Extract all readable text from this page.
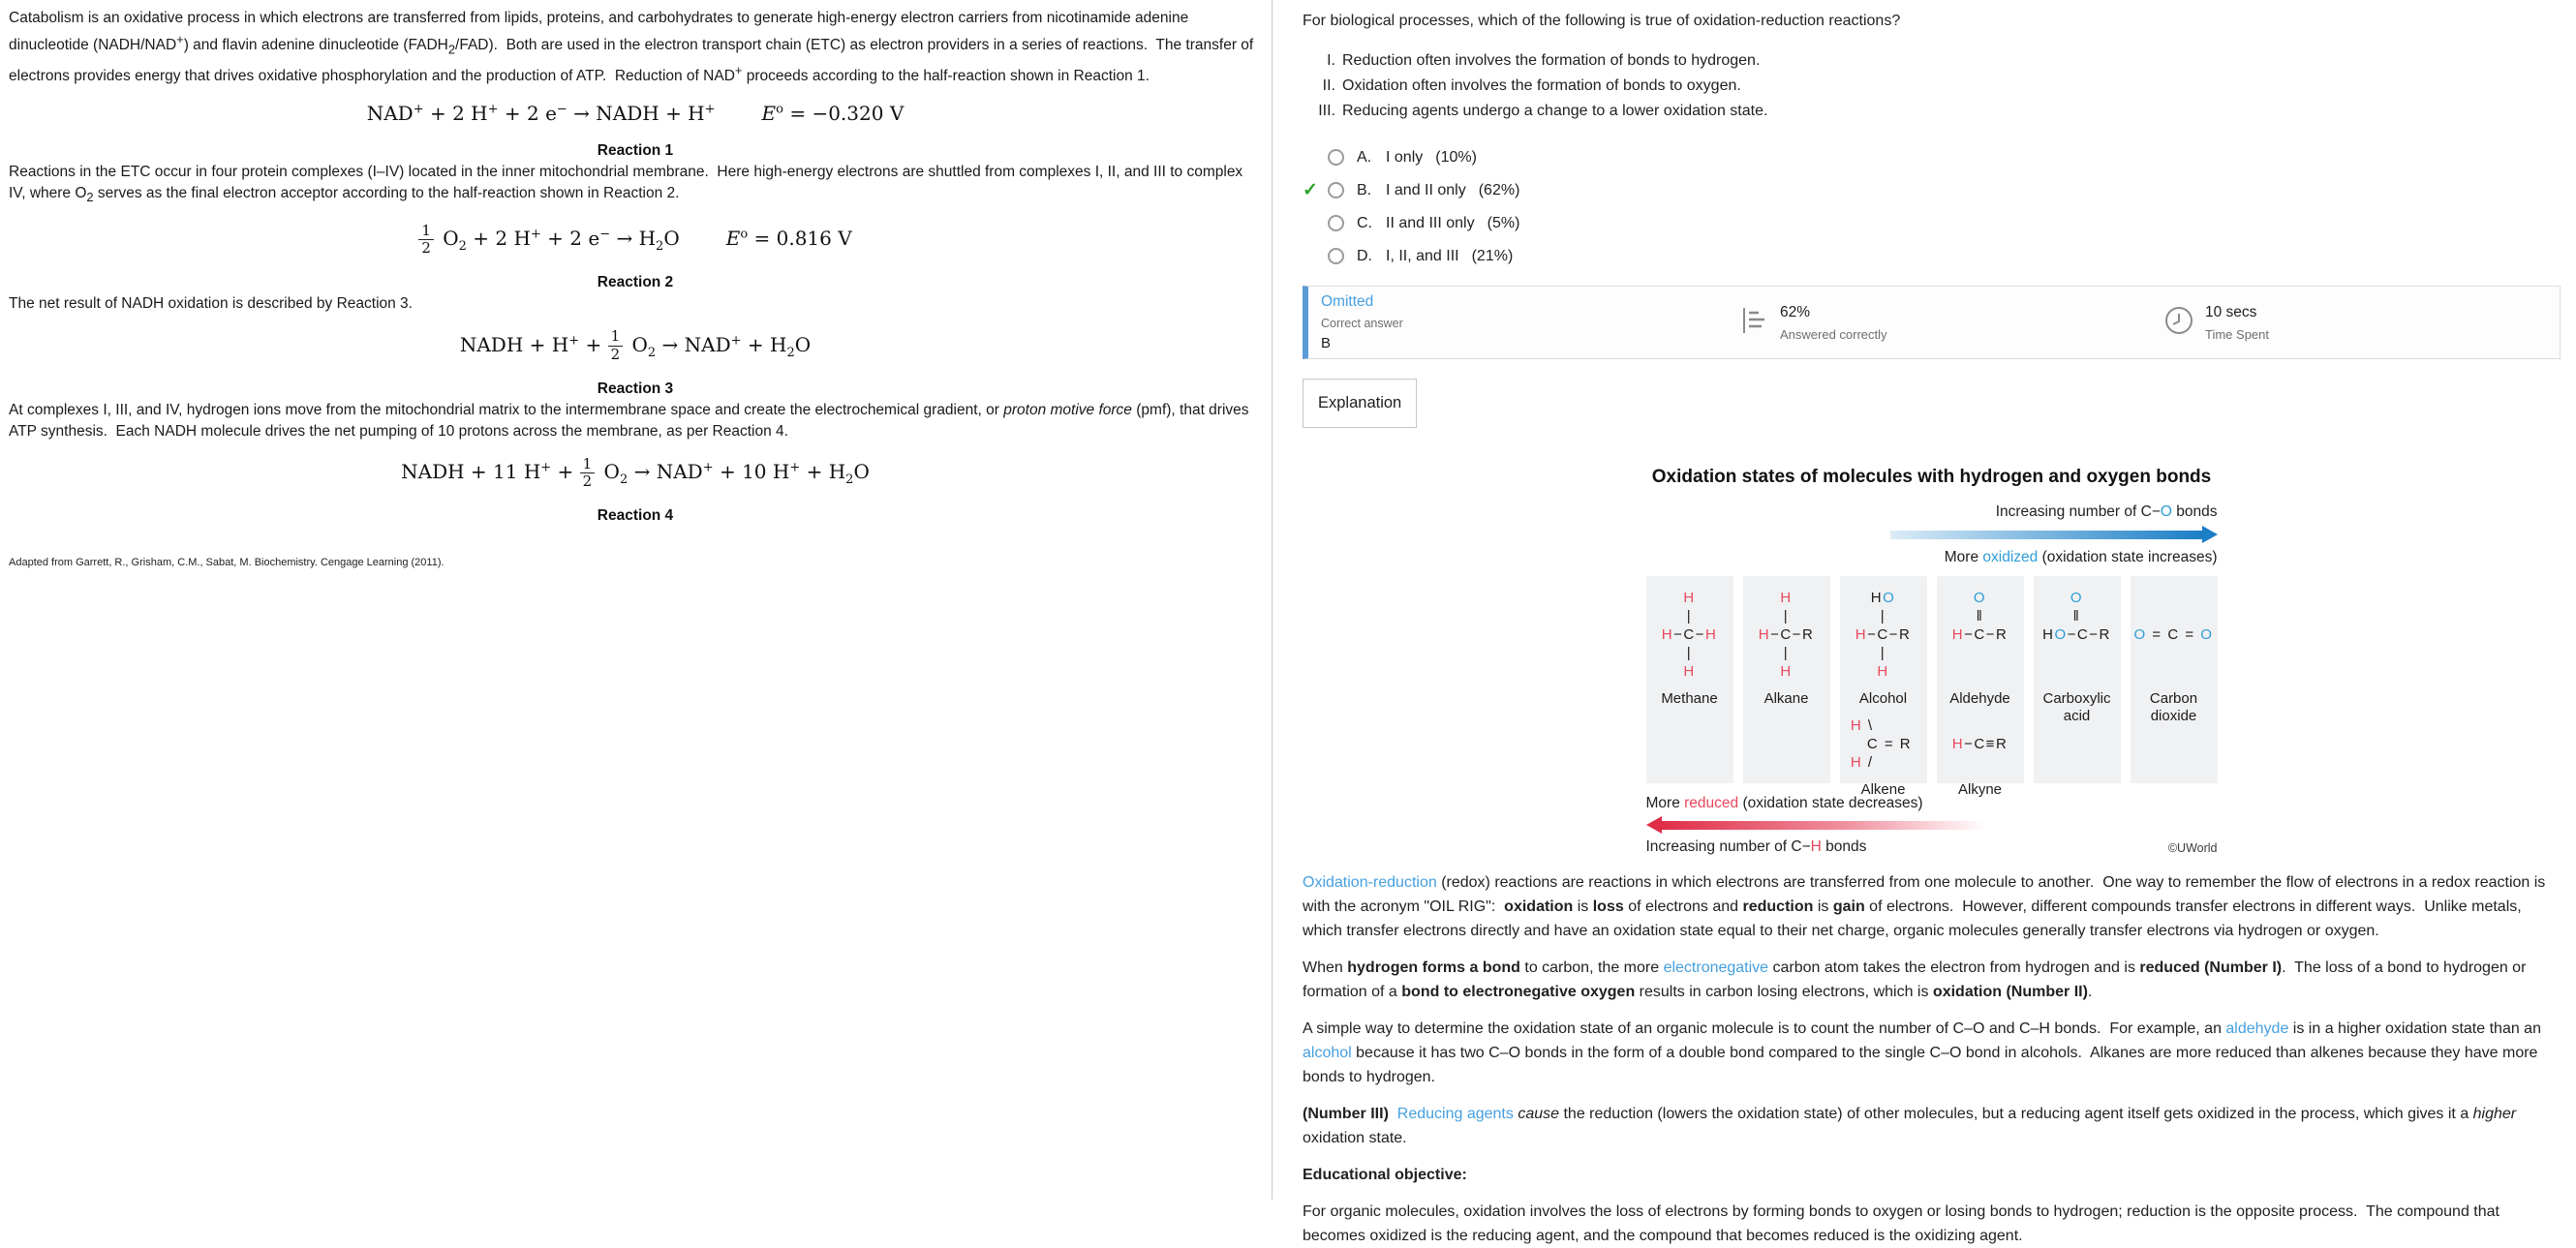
Catabolism is an oxidative process in which electrons are transferred from lipids, proteins, and carbohydrates to generate high-energy electron carriers from nicotinamide adenine dinucleotide (NADH/NAD+) and flavin adenine dinucleotide $(FADH_2/FAD)$.  Both are used in the electron transport chain (ETC) as electron providers in a series of reactions.  The transfer of electrons provides energy that drives oxidative phosphorylation and the production of ATP.  Reduction of NAD+ proceeds according to the half-reaction shown in Reaction 1.

NAD+ + 2 H+ + 2 e− → NADH + H+ $E^o = -0.320$ V
Reaction 1

Reactions in the ETC occur in four protein complexes (I–IV) located in the inner mitochondrial membrane.  Here high-energy electrons are shuttled from complexes I, II, and III to complex IV, where $O_2$ serves as the final electron acceptor according to the half-reaction shown in Reaction 2.

$\frac{1}{2} O_2 + 2$ H+ + 2 $e^- \to H_2O$ $E^o = 0.816$ V
Reaction 2

The net result of NADH oxidation is described by Reaction 3.

NADH + $H^+ + \frac{1}{2} O_2 \to NAD^+ + H_2O$
Reaction 3

At complexes I, III, and IV, hydrogen ions move from the mitochondrial matrix to the intermembrane space and create the electrochemical gradient, or proton motive force (pmf), that drives ATP synthesis.  Each NADH molecule drives the net pumping of 10 protons across the membrane, as per Reaction 4.

NADH + 11 $H^+ + \frac{1}{2} O_2 \to NAD^+ + 10$ $H^+ + H_2O$
Reaction 4
Adapted from Garrett, R., Grisham, C.M., Sabat, M. Biochemistry. Cengage Learning (2011).

For biological processes, which of the following is true of oxidation-reduction reactions?

I. Reduction often involves the formation of bonds to hydrogen.
II. Oxidation often involves the formation of bonds to oxygen.
III. Reducing agents undergo a change to a lower oxidation state.
A. I only (10%)
✓	B. I and II only (62%)
C. II and III only (5%)
D. I, II, and III (21%)
Omitted
Correct answer
B
62%
Answered correctly
10 secs
Time Spent
Explanation
Oxidation states of molecules with hydrogen and oxygen bonds
Increasing number of C−O bonds
More oxidized (oxidation state increases)
H
|
H−C−H
|
H
Methane
H
|
H−C−R
|
H
Alkane
HO
|
H−C−R
|
H
Alcohol
H \
C = R
H /
Alkene
O
‖
H−C−R
Aldehyde

H−C≡R
Alkyne
O
‖
HO−C−R
Carboxylic acid

O = C = O
Carbon dioxide
More reduced (oxidation state decreases)
Increasing number of C−H bonds	©UWorld

Oxidation-reduction (redox) reactions are reactions in which electrons are transferred from one molecule to another.  One way to remember the flow of electrons in a redox reaction is with the acronym "OIL RIG":  oxidation is loss of electrons and reduction is gain of electrons.  However, different compounds transfer electrons in different ways.  Unlike metals, which transfer electrons directly and have an oxidation state equal to their net charge, organic molecules generally transfer electrons via hydrogen or oxygen.

When hydrogen forms a bond to carbon, the more electronegative carbon atom takes the electron from hydrogen and is reduced (Number I).  The loss of a bond to hydrogen or formation of a bond to electronegative oxygen results in carbon losing electrons, which is oxidation (Number II).

A simple way to determine the oxidation state of an organic molecule is to count the number of C–O and C–H bonds.  For example, an aldehyde is in a higher oxidation state than an alcohol because it has two C–O bonds in the form of a double bond compared to the single C–O bond in alcohols.  Alkanes are more reduced than alkenes because they have more bonds to hydrogen.

(Number III) Reducing agents cause the reduction (lowers the oxidation state) of other molecules, but a reducing agent itself gets oxidized in the process, which gives it a higher oxidation state.

Educational objective:

For organic molecules, oxidation involves the loss of electrons by forming bonds to oxygen or losing bonds to hydrogen; reduction is the opposite process.  The compound that becomes oxidized is the reducing agent, and the compound that becomes reduced is the oxidizing agent.
